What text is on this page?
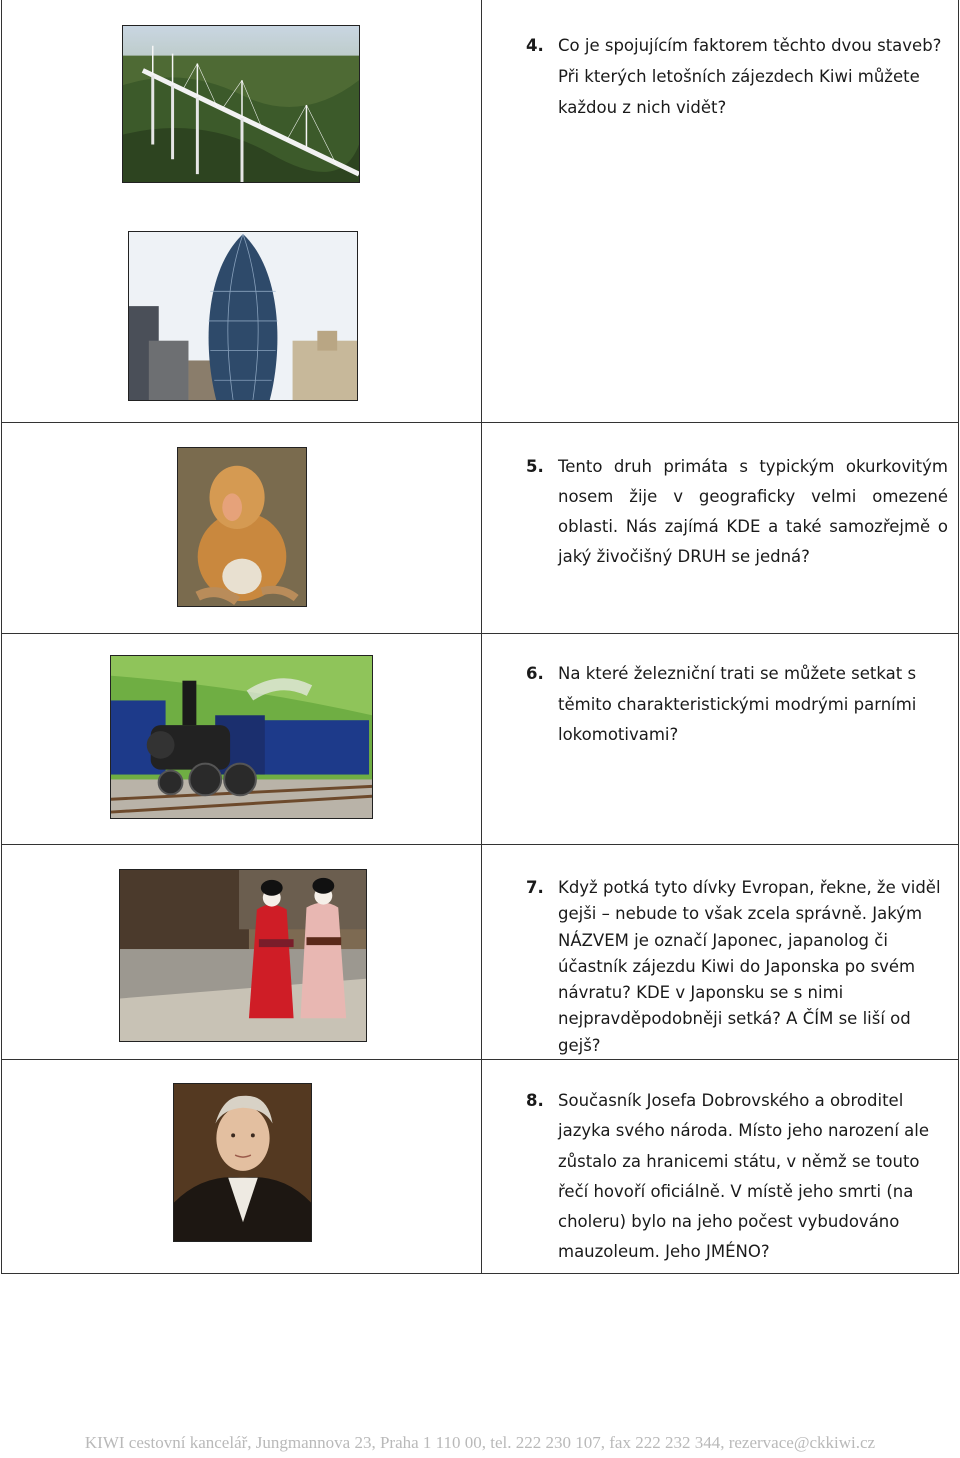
4. Co je spojujícím faktorem těchto dvou staveb? Při kterých letošních zájezdech Kiwi můžete každou z nich vidět?
5. Tento druh primáta s typickým okurkovitým nosem žije v geograficky velmi omezené oblasti. Nás zajímá KDE a také samozřejmě o jaký živočišný DRUH se jedná?
6. Na které železniční trati se můžete setkat s těmito charakteristickými modrými parními lokomotivami?
7. Když potká tyto dívky Evropan, řekne, že viděl gejši – nebude to však zcela správně. Jakým NÁZVEM je označí Japonec, japanolog či účastník zájezdu Kiwi do Japonska po svém návratu? KDE v Japonsku se s nimi nejpravděpodobněji setká? A ČÍM se liší od gejš?
8. Současník Josefa Dobrovského a obroditel jazyka svého národa. Místo jeho narození ale zůstalo za hranicemi státu, v němž se touto řečí hovoří oficiálně. V místě jeho smrti (na choleru) bylo na jeho počest vybudováno mauzoleum. Jeho JMÉNO?
KIWI cestovní kancelář, Jungmannova 23, Praha 1 110 00, tel. 222 230 107, fax 222 232 344, rezervace@ckkiwi.cz
